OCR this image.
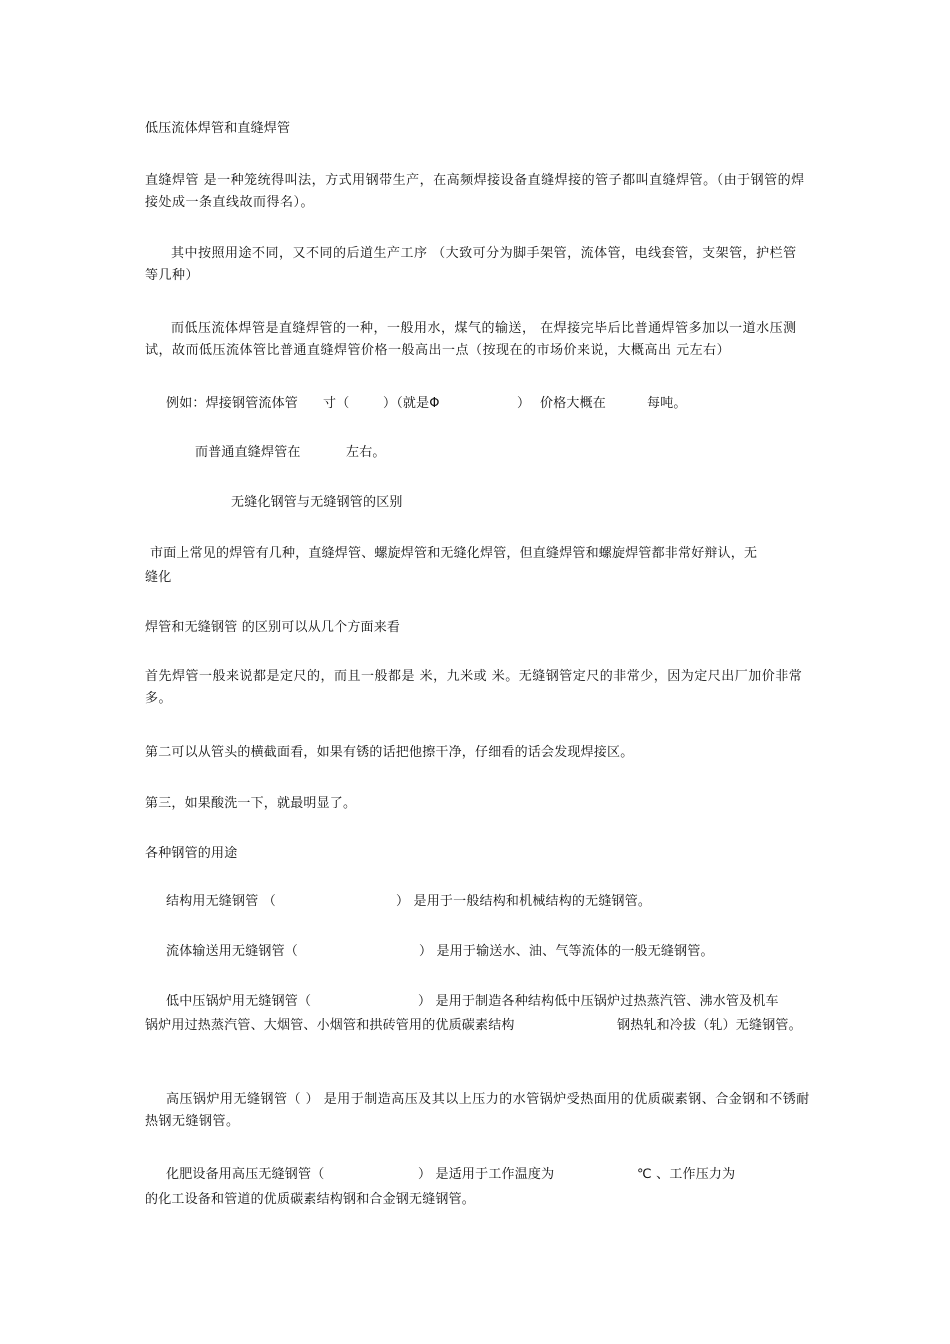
低压流体焊管和直缝焊管
直缝焊管 是一种笼统得叫法，方式用钢带生产，在高频焊接设备直缝焊接的管子都叫直缝焊管。（由于钢管的焊接处成一条直线故而得名）。
其中按照用途不同，又不同的后道生产工序 （大致可分为脚手架管，流体管，电线套管，支架管，护栏管等几种）
而低压流体焊管是直缝焊管的一种，一般用水，煤气的输送， 在焊接完毕后比普通焊管多加以一道水压测试，故而低压流体管比普通直缝焊管价格一般高出一点（按现在的市场价来说，大概高出 元左右）
例如：焊接钢管流体管 寸（	）（就是Φ	） 价格大概在	每吨。
而普通直缝焊管在	左右。
无缝化钢管与无缝钢管的区别
市面上常见的焊管有几种，直缝焊管、螺旋焊管和无缝化焊管，但直缝焊管和螺旋焊管都非常好辩认，无
缝化
焊管和无缝钢管 的区别可以从几个方面来看
首先焊管一般来说都是定尺的，而且一般都是 米，九米或 米。无缝钢管定尺的非常少，因为定尺出厂加价非常多。
第二可以从管头的横截面看，如果有锈的话把他擦干净，仔细看的话会发现焊接区。
第三，如果酸洗一下，就最明显了。
各种钢管的用途
结构用无缝钢管 （	） 是用于一般结构和机械结构的无缝钢管。
流体输送用无缝钢管（	） 是用于输送水、油、气等流体的一般无缝钢管。
低中压锅炉用无缝钢管（	） 是用于制造各种结构低中压锅炉过热蒸汽管、沸水管及机车
锅炉用过热蒸汽管、大烟管、小烟管和拱砖管用的优质碳素结构	钢热轧和冷拔（轧）无缝钢管。
高压锅炉用无缝钢管（ ） 是用于制造高压及其以上压力的水管锅炉受热面用的优质碳素钢、合金钢和不锈耐热钢无缝钢管。
化肥设备用高压无缝钢管（	） 是适用于工作温度为	℃ 、工作压力为
的化工设备和管道的优质碳素结构钢和合金钢无缝钢管。
